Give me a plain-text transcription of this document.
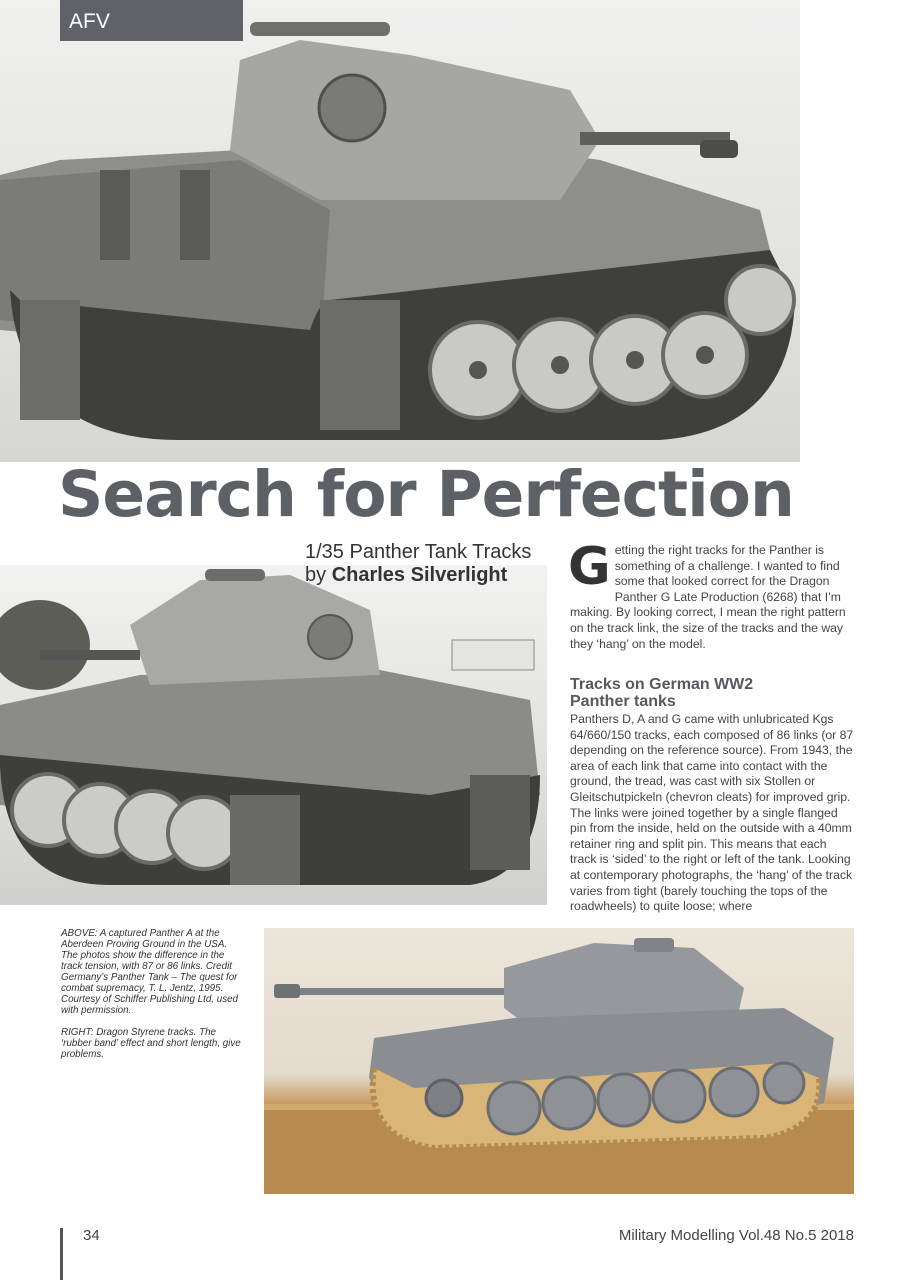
AFV
Search for Perfection
1/35 Panther Tank Tracks
by Charles Silverlight	Getting the right tracks for the Panther is something of a challenge. I wanted to find some that looked correct for the Dragon Panther G Late Production (6268) that I’m making. By looking correct, I mean the right pattern on the track link, the size of the tracks and the way they ‘hang’ on the model.
Tracks on German WW2
Panther tanks
Panthers D, A and G came with unlubricated Kgs 64/660/150 tracks, each composed of 86 links (or 87 depending on the reference source). From 1943, the area of each link that came into contact with the ground, the tread, was cast with six Stollen or Gleitschutpickeln (chevron cleats) for improved grip. The links were joined together by a single flanged pin from the inside, held on the outside with a 40mm retainer ring and split pin. This means that each track is ‘sided’ to the right or left of the tank. Looking at contemporary photographs, the ‘hang’ of the track varies from tight (barely touching the tops of the roadwheels) to quite loose; where

ABOVE: A captured Panther A at the Aberdeen Proving Ground in the USA. The photos show the difference in the track tension, with 87 or 86 links. Credit Germany’s Panther Tank – The quest for combat supremacy, T. L. Jentz, 1995. Courtesy of Schiffer Publishing Ltd, used with permission.

RIGHT: Dragon Styrene tracks. The ‘rubber band’ effect and short length, give problems.

34	Military Modelling Vol.48 No.5 2018
